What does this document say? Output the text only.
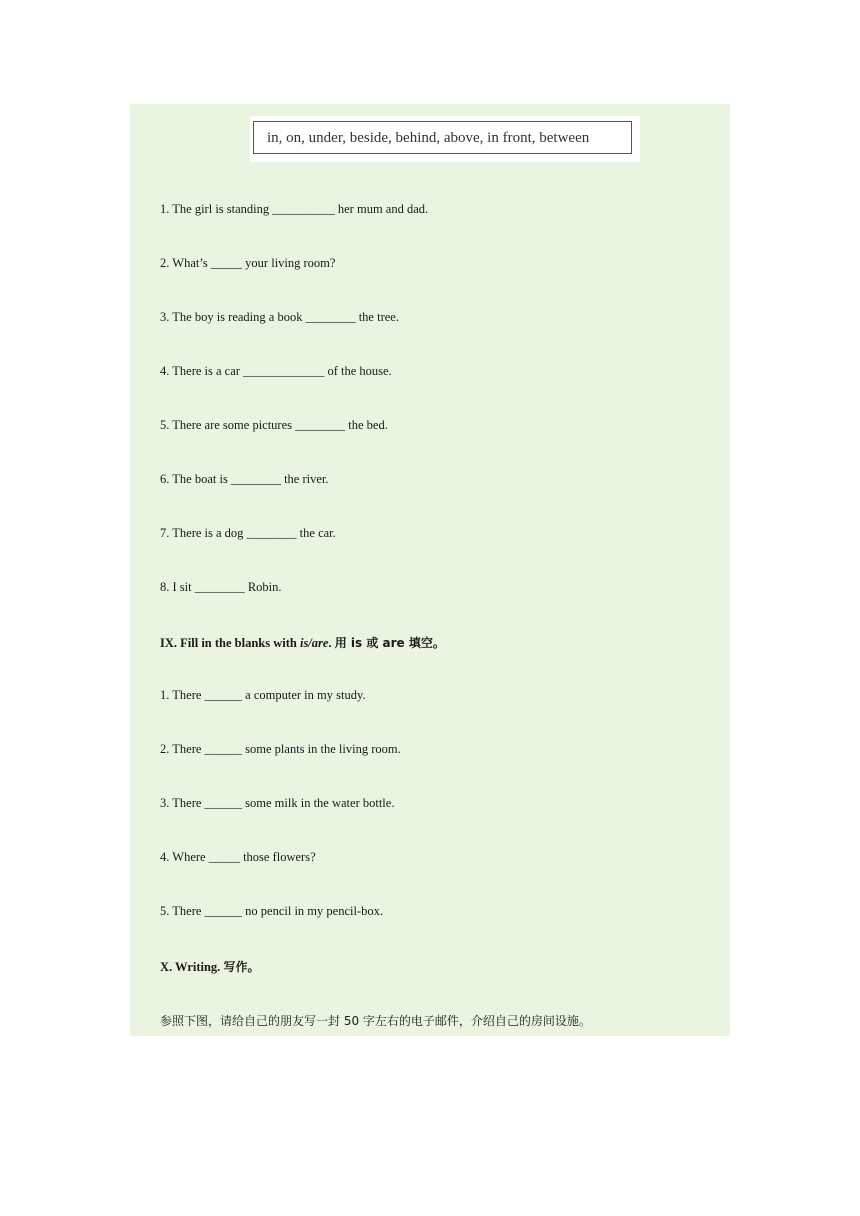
in, on, under, beside, behind, above, in front, between
1. The girl is standing __________ her mum and dad.
2. What’s _____ your living room?
3. The boy is reading a book ________ the tree.
4. There is a car _____________ of the house.
5. There are some pictures ________ the bed.
6. The boat is ________ the river.
7. There is a dog ________ the car.
8. I sit ________ Robin.
IX. Fill in the blanks with is/are. 用 is 或 are 填空。
1. There ______ a computer in my study.
2. There ______ some plants in the living room.
3. There ______ some milk in the water bottle.
4. Where _____ those flowers?
5. There ______ no pencil in my pencil-box.
X. Writing. 写作。
参照下图，请给自己的朋友写一封 50 字左右的电子邮件，介绍自己的房间设施。
